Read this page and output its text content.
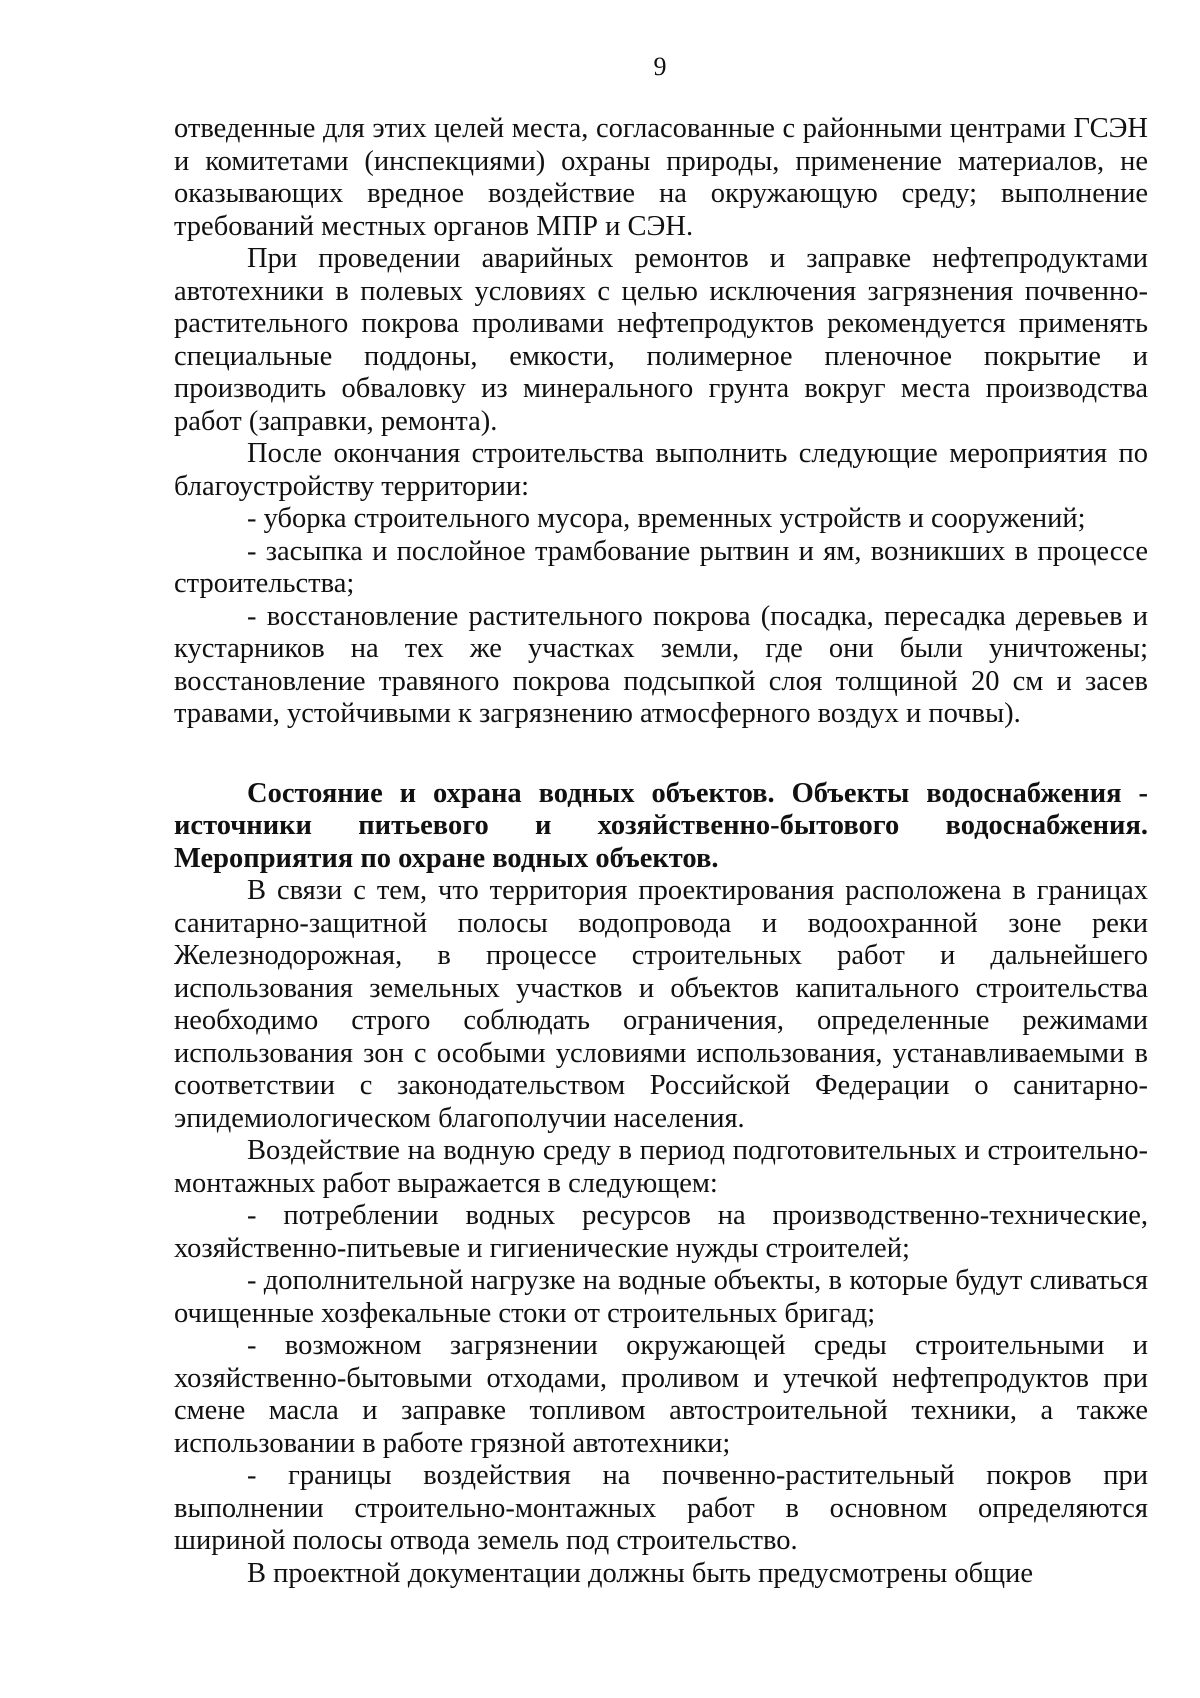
9

отведенные для этих целей места, согласованные с районными центрами ГСЭН и комитетами (инспекциями) охраны природы, применение материалов, не оказывающих вредное воздействие на окружающую среду; выполнение требований местных органов МПР и СЭН.

При проведении аварийных ремонтов и заправке нефтепродуктами автотехники в полевых условиях с целью исключения загрязнения почвенно-растительного покрова проливами нефтепродуктов рекомендуется применять специальные поддоны, емкости, полимерное пленочное покрытие и производить обваловку из минерального грунта вокруг места производства работ (заправки, ремонта).

После окончания строительства выполнить следующие мероприятия по благоустройству территории:

- уборка строительного мусора, временных устройств и сооружений;

- засыпка и послойное трамбование рытвин и ям, возникших в процессе строительства;

- восстановление растительного покрова (посадка, пересадка деревьев и кустарников на тех же участках земли, где они были уничтожены; восстановление травяного покрова подсыпкой слоя толщиной 20 см и засев травами, устойчивыми к загрязнению атмосферного воздух и почвы).

Состояние и охрана водных объектов. Объекты водоснабжения - источники питьевого и хозяйственно-бытового водоснабжения. Мероприятия по охране водных объектов.

В связи с тем, что территория проектирования расположена в границах санитарно-защитной полосы водопровода и водоохранной зоне реки Железнодорожная, в процессе строительных работ и дальнейшего использования земельных участков и объектов капитального строительства необходимо строго соблюдать ограничения, определенные режимами использования зон с особыми условиями использования, устанавливаемыми в соответствии с законодательством Российской Федерации о санитарно-эпидемиологическом благополучии населения.

Воздействие на водную среду в период подготовительных и строительно-монтажных работ выражается в следующем:

- потреблении водных ресурсов на производственно-технические, хозяйственно-питьевые и гигиенические нужды строителей;

- дополнительной нагрузке на водные объекты, в которые будут сливаться очищенные хозфекальные стоки от строительных бригад;

- возможном загрязнении окружающей среды строительными и хозяйственно-бытовыми отходами, проливом и утечкой нефтепродуктов при смене масла и заправке топливом автостроительной техники, а также использовании в работе грязной автотехники;

- границы воздействия на почвенно-растительный покров при выполнении строительно-монтажных работ в основном определяются шириной полосы отвода земель под строительство.

В проектной документации должны быть предусмотрены общие
